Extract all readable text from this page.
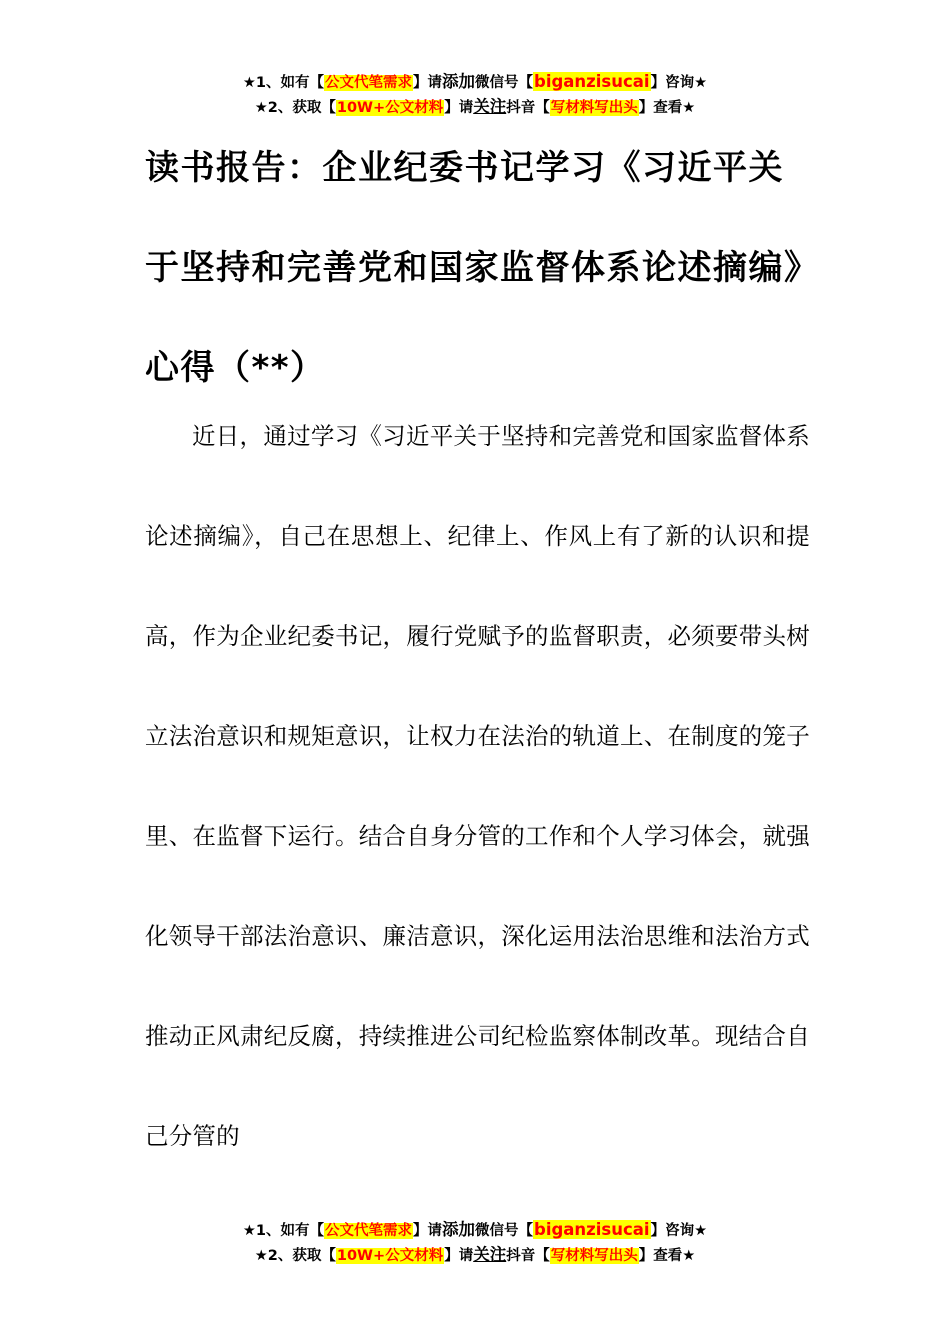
★1、如有【公文代笔需求】请添加微信号【biganzisucai】咨询★
★2、获取【10W+公文材料】请关注抖音【写材料写出头】查看★
读书报告：企业纪委书记学习《习近平关于坚持和完善党和国家监督体系论述摘编》心得（**）

近日，通过学习《习近平关于坚持和完善党和国家监督体系论述摘编》，自己在思想上、纪律上、作风上有了新的认识和提高，作为企业纪委书记，履行党赋予的监督职责，必须要带头树立法治意识和规矩意识，让权力在法治的轨道上、在制度的笼子里、在监督下运行。结合自身分管的工作和个人学习体会，就强化领导干部法治意识、廉洁意识，深化运用法治思维和法治方式推动正风肃纪反腐，持续推进公司纪检监察体制改革。现结合自己分管的

★1、如有【公文代笔需求】请添加微信号【biganzisucai】咨询★
★2、获取【10W+公文材料】请关注抖音【写材料写出头】查看★
